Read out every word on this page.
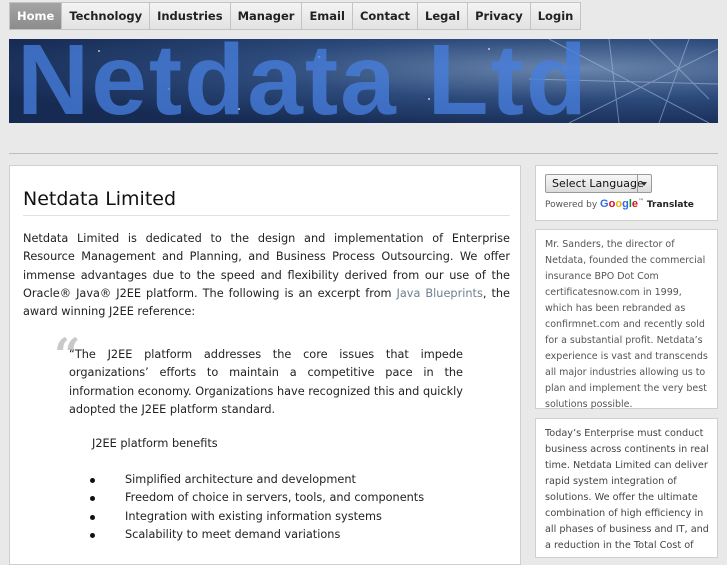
Home	Technology	Industries	Manager	Email	Contact	Legal	Privacy	Login
Netdata Ltd
Netdata Limited

Netdata Limited is dedicated to the design and implementation of Enterprise Resource Management and Planning, and Business Process Outsourcing. We offer immense advantages due to the speed and flexibility derived from our use of the Oracle® Java® J2EE platform. The following is an excerpt from Java Blueprints, the award winning J2EE reference:

“

“The J2EE platform addresses the core issues that impede organizations’ efforts to maintain a competitive pace in the information economy. Organizations have recognized this and quickly adopted the J2EE platform standard.

J2EE platform benefits
Simplified architecture and development
Freedom of choice in servers, tools, and components
Integration with existing information systems
Scalability to meet demand variations
Select Language
Powered by Google™ Translate

Mr. Sanders, the director of Netdata, founded the commercial insurance BPO Dot Com certificatesnow.com in 1999, which has been rebranded as confirmnet.com and recently sold for a substantial profit. Netdata’s experience is vast and transcends all major industries allowing us to plan and implement the very best solutions possible.

Today’s Enterprise must conduct business across continents in real time. Netdata Limited can deliver rapid system integration of solutions. We offer the ultimate combination of high efficiency in all phases of business and IT, and a reduction in the Total Cost of
